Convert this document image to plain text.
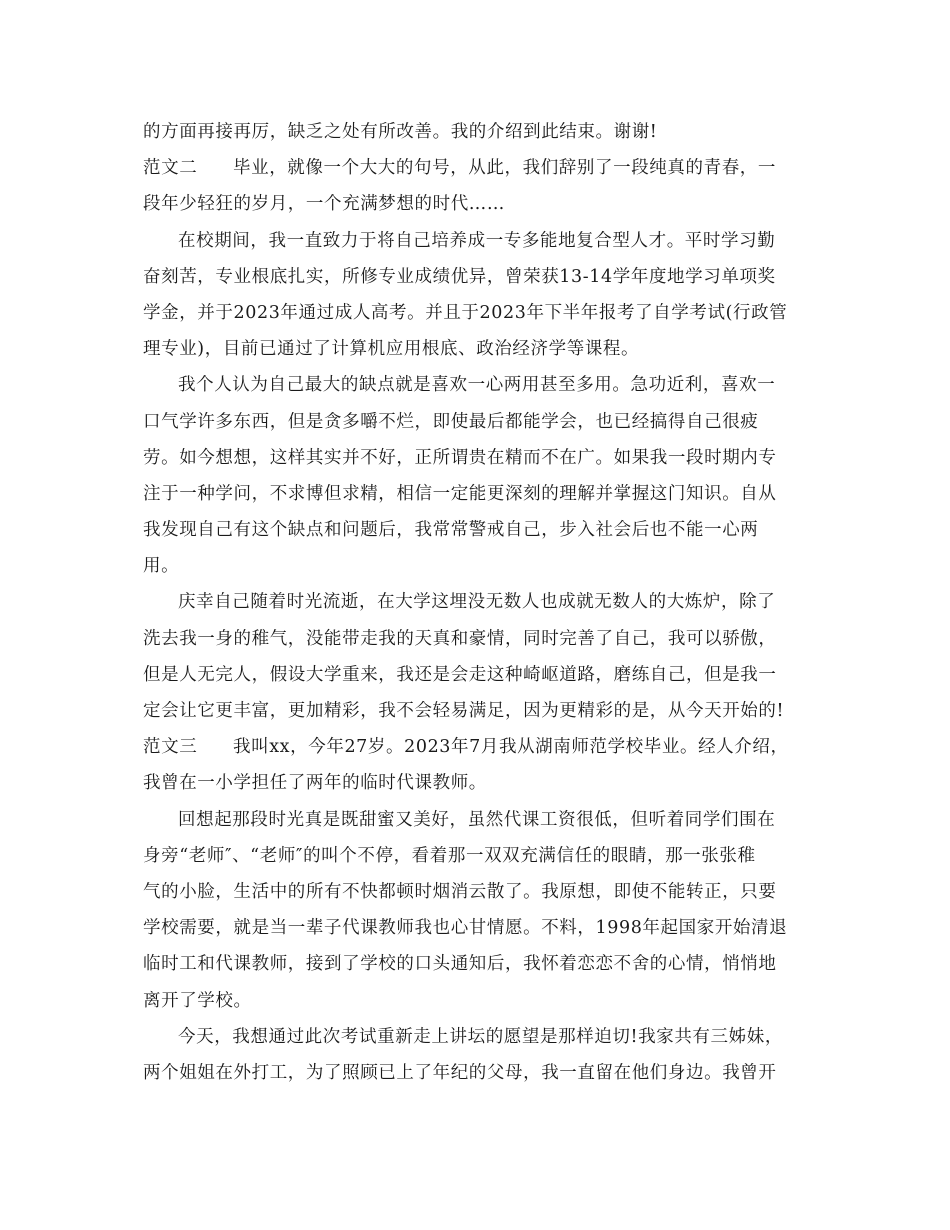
的方面再接再厉，缺乏之处有所改善。我的介绍到此结束。谢谢!
范文二 毕业，就像一个大大的句号，从此，我们辞别了一段纯真的青春，一
段年少轻狂的岁月，一个充满梦想的时代……
在校期间，我一直致力于将自己培养成一专多能地复合型人才。平时学习勤
奋刻苦，专业根底扎实，所修专业成绩优异，曾荣获13-14学年度地学习单项奖
学金，并于2023年通过成人高考。并且于2023年下半年报考了自学考试(行政管
理专业)，目前已通过了计算机应用根底、政治经济学等课程。
我个人认为自己最大的缺点就是喜欢一心两用甚至多用。急功近利，喜欢一
口气学许多东西，但是贪多嚼不烂，即使最后都能学会，也已经搞得自己很疲
劳。如今想想，这样其实并不好，正所谓贵在精而不在广。如果我一段时期内专
注于一种学问，不求博但求精，相信一定能更深刻的理解并掌握这门知识。自从
我发现自己有这个缺点和问题后，我常常警戒自己，步入社会后也不能一心两
用。
庆幸自己随着时光流逝，在大学这埋没无数人也成就无数人的大炼炉，除了
洗去我一身的稚气，没能带走我的天真和豪情，同时完善了自己，我可以骄傲，
但是人无完人，假设大学重来，我还是会走这种崎岖道路，磨练自己，但是我一
定会让它更丰富，更加精彩，我不会轻易满足，因为更精彩的是，从今天开始的!
范文三 我叫xx，今年27岁。2023年7月我从湖南师范学校毕业。经人介绍，
我曾在一小学担任了两年的临时代课教师。
回想起那段时光真是既甜蜜又美好，虽然代课工资很低，但听着同学们围在
身旁“老师″、“老师″的叫个不停，看着那一双双充满信任的眼睛，那一张张稚
气的小脸，生活中的所有不快都顿时烟消云散了。我原想，即使不能转正，只要
学校需要，就是当一辈子代课教师我也心甘情愿。不料，1998年起国家开始清退
临时工和代课教师，接到了学校的口头通知后，我怀着恋恋不舍的心情，悄悄地
离开了学校。
今天，我想通过此次考试重新走上讲坛的愿望是那样迫切!我家共有三姊妹，
两个姐姐在外打工，为了照顾已上了年纪的父母，我一直留在他们身边。我曾开
